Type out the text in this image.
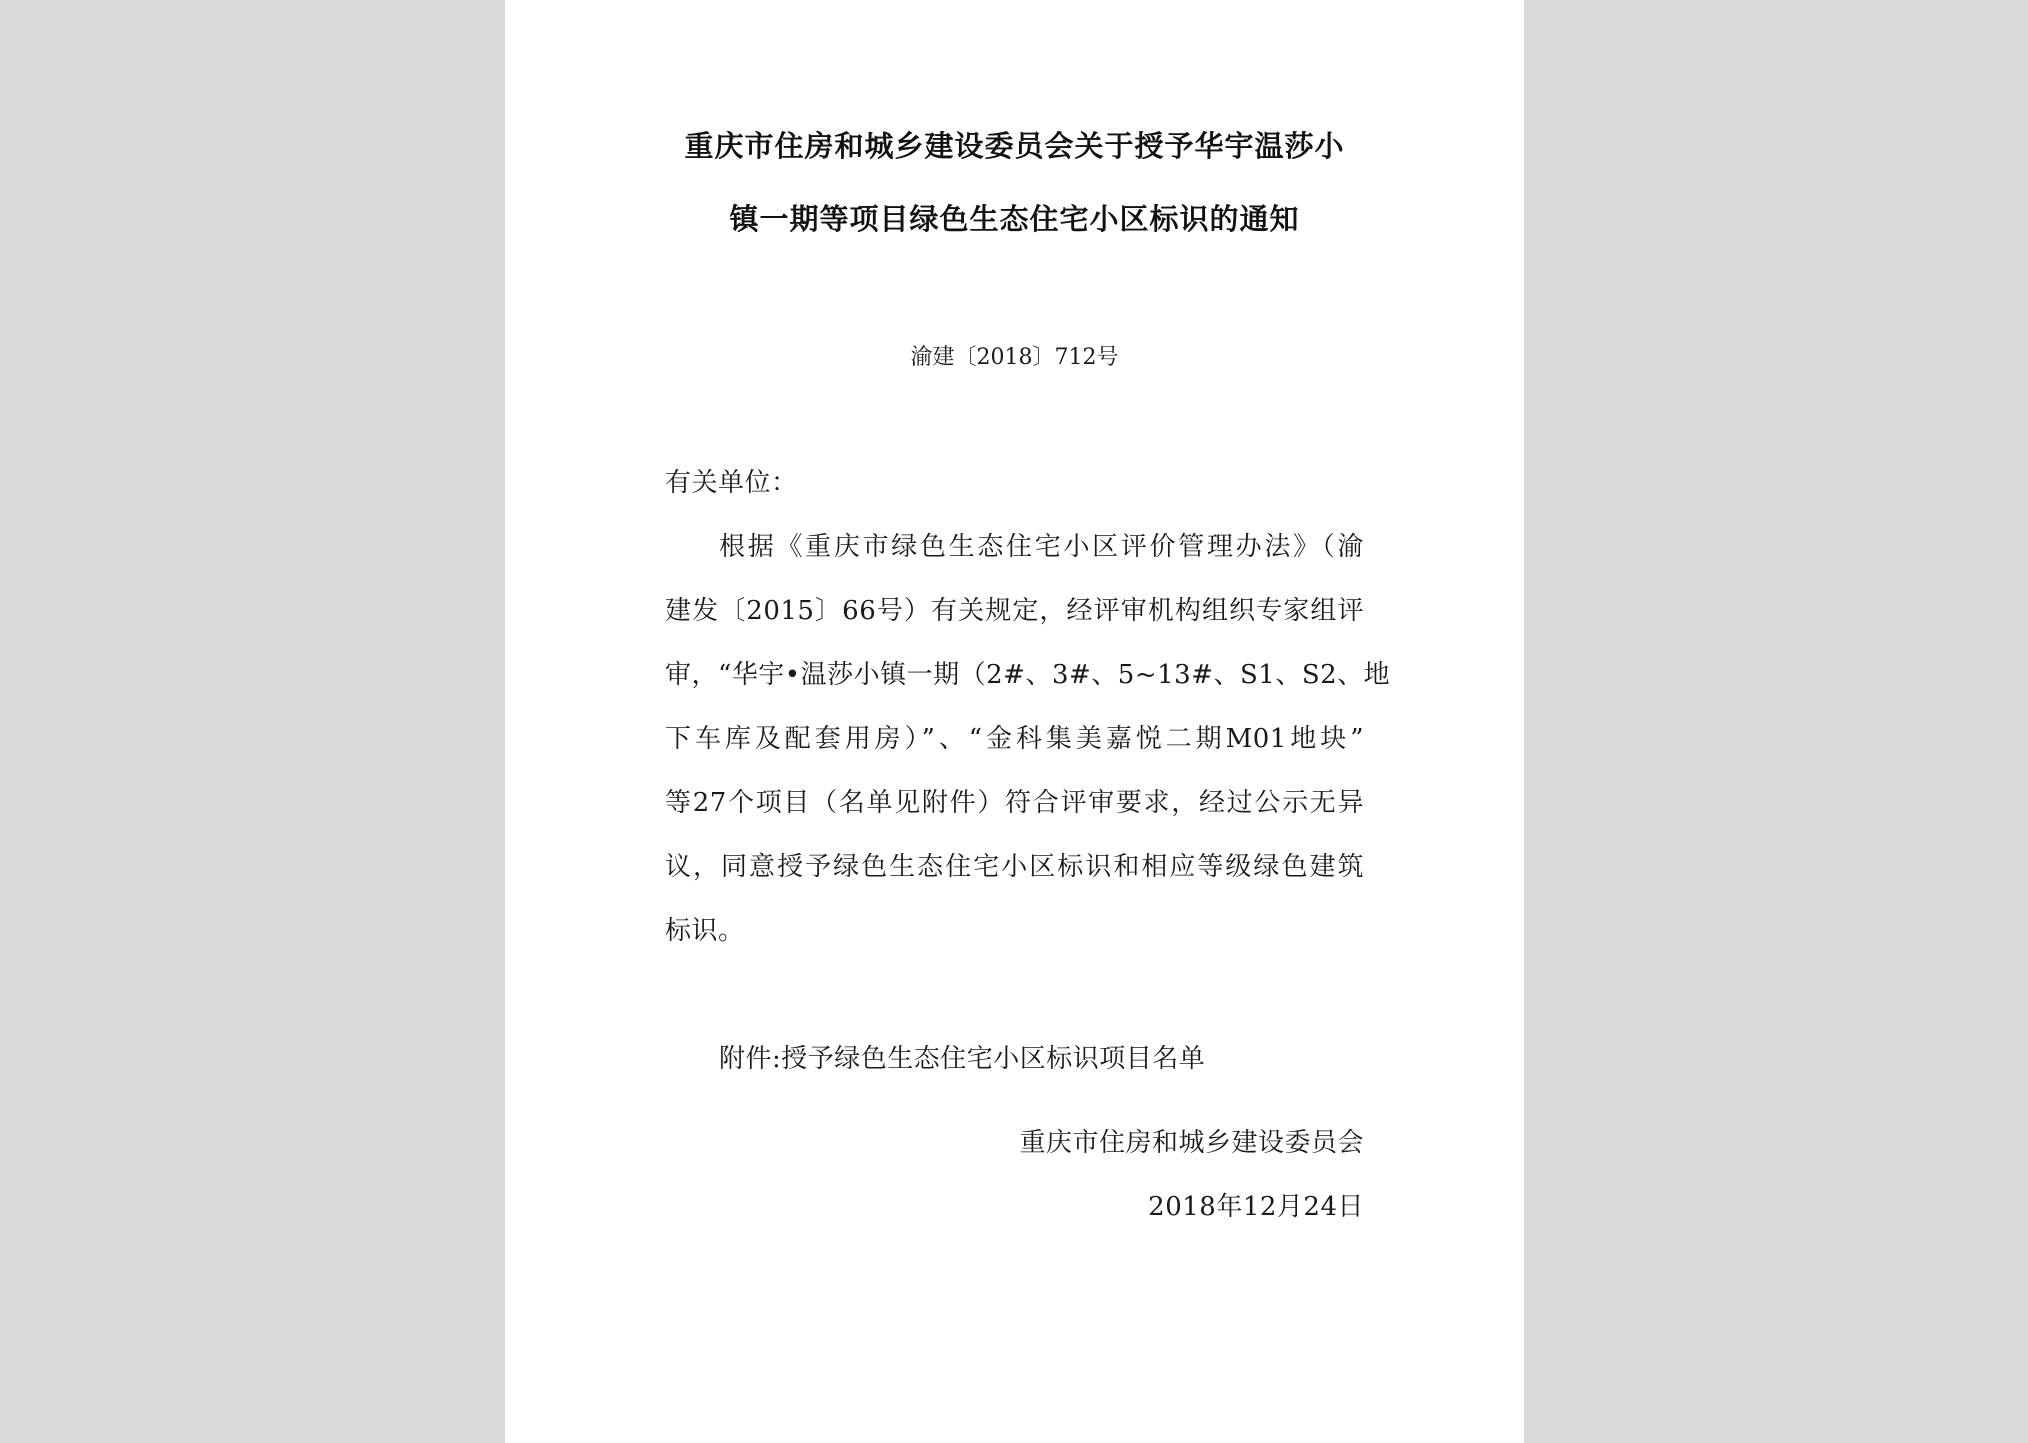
重庆市住房和城乡建设委员会关于授予华宇温莎小
镇一期等项目绿色生态住宅小区标识的通知
渝建〔2018〕712号
有关单位：
根据《重庆市绿色生态住宅小区评价管理办法》（渝
建发〔2015〕66号）有关规定，经评审机构组织专家组评
审，“华宇•温莎小镇一期（2#、3#、5~13#、S1、S2、地
下车库及配套用房）”、“金科集美嘉悦二期M01地块”
等27个项目（名单见附件）符合评审要求，经过公示无异
议，同意授予绿色生态住宅小区标识和相应等级绿色建筑
标识。
附件:授予绿色生态住宅小区标识项目名单
重庆市住房和城乡建设委员会
2018年12月24日
